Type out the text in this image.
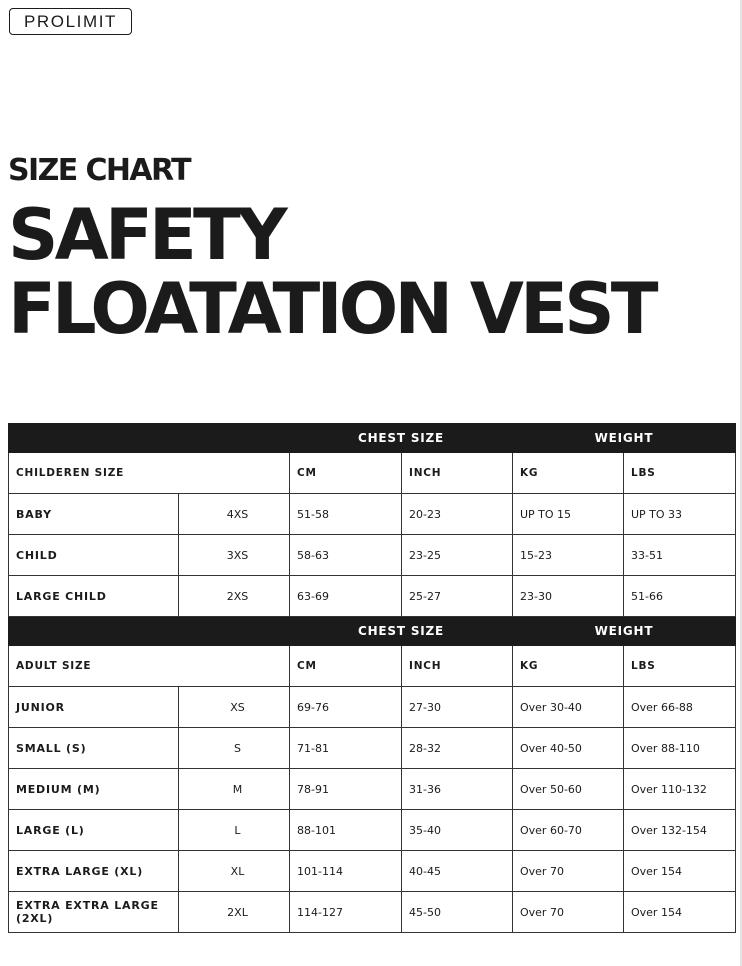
PROLIMIT
SIZE CHART
SAFETY
FLOATATION VEST
		CHEST SIZE		WEIGHT	
CHILDEREN SIZE		CM	INCH	KG	LBS
BABY	4XS	51-58	20-23	UP TO 15	UP TO 33
CHILD	3XS	58-63	23-25	15-23	33-51
LARGE CHILD	2XS	63-69	25-27	23-30	51-66
		CHEST SIZE		WEIGHT	
ADULT SIZE		CM	INCH	KG	LBS
JUNIOR	XS	69-76	27-30	Over 30-40	Over 66-88
SMALL (S)	S	71-81	28-32	Over 40-50	Over 88-110
MEDIUM (M)	M	78-91	31-36	Over 50-60	Over 110-132
LARGE (L)	L	88-101	35-40	Over 60-70	Over 132-154
EXTRA LARGE (XL)	XL	101-114	40-45	Over 70	Over 154
EXTRA EXTRA LARGE (2XL)	2XL	114-127	45-50	Over 70	Over 154
